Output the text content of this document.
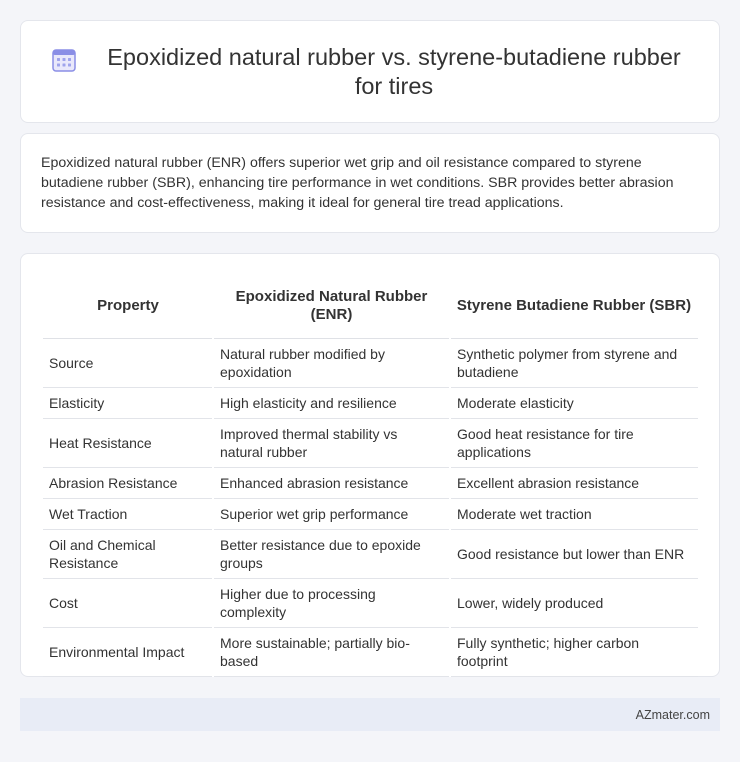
Epoxidized natural rubber vs. styrene-butadiene rubber for tires

Epoxidized natural rubber (ENR) offers superior wet grip and oil resistance compared to styrene butadiene rubber (SBR), enhancing tire performance in wet conditions. SBR provides better abrasion resistance and cost-effectiveness, making it ideal for general tire tread applications.

Property	Epoxidized Natural Rubber (ENR)	Styrene Butadiene Rubber (SBR)
Source	Natural rubber modified by epoxidation	Synthetic polymer from styrene and butadiene
Elasticity	High elasticity and resilience	Moderate elasticity
Heat Resistance	Improved thermal stability vs natural rubber	Good heat resistance for tire applications
Abrasion Resistance	Enhanced abrasion resistance	Excellent abrasion resistance
Wet Traction	Superior wet grip performance	Moderate wet traction
Oil and Chemical Resistance	Better resistance due to epoxide groups	Good resistance but lower than ENR
Cost	Higher due to processing complexity	Lower, widely produced
Environmental Impact	More sustainable; partially bio-based	Fully synthetic; higher carbon footprint
AZmater.com
